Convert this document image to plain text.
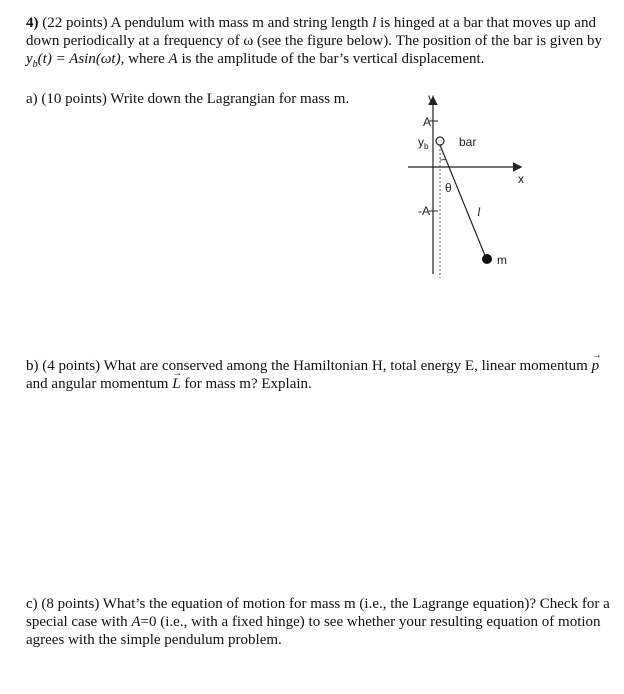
4) (22 points) A pendulum with mass m and string length l is hinged at a bar that moves up and down periodically at a frequency of ω (see the figure below). The position of the bar is given by $y_b(t) = Asin(\omega t)$, where A is the amplitude of the bar’s vertical displacement.
a) (10 points) Write down the Lagrangian for mass m.	y
A
-A
x
$y_b$	bar
θ
l
m
b) (4 points) What are conserved among the Hamiltonian H, total energy E, linear momentum p → and angular momentum L → for mass m? Explain.
c) (8 points) What’s the equation of motion for mass m (i.e., the Lagrange equation)? Check for a special case with A=0 (i.e., with a fixed hinge) to see whether your resulting equation of motion agrees with the simple pendulum problem.
